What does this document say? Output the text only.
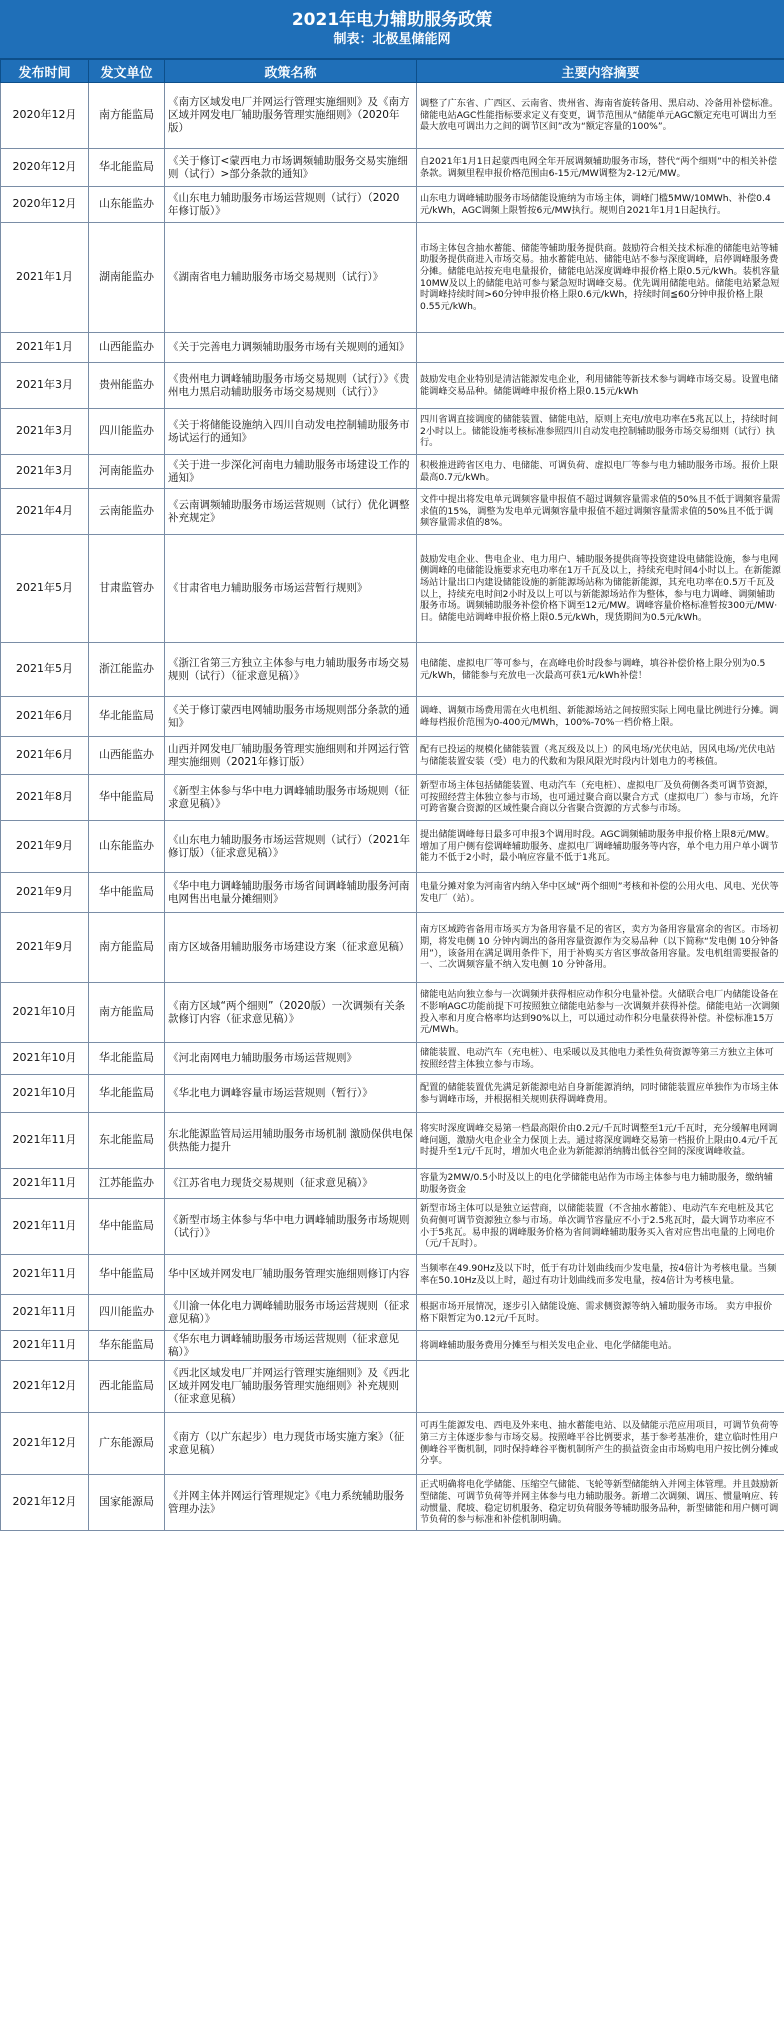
2021年电力辅助服务政策
制表：北极星储能网
发布时间	发文单位	政策名称	主要内容摘要
2020年12月	南方能监局	《南方区域发电厂并网运行管理实施细则》及《南方区域并网发电厂辅助服务管理实施细则》（2020年版）	调整了广东省、广西区、云南省、贵州省、海南省旋转备用、黑启动、冷备用补偿标准。储能电站AGC性能指标要求定义有变更，调节范围从“储能单元AGC额定充电可调出力至最大放电可调出力之间的调节区间”改为“额定容量的100%”。
2020年12月	华北能监局	《关于修订<蒙西电力市场调频辅助服务交易实施细则（试行）>部分条款的通知》	自2021年1月1日起蒙西电网全年开展调频辅助服务市场，替代“两个细则”中的相关补偿条款。调频里程申报价格范围由6-15元/MW调整为2-12元/MW。
2020年12月	山东能监办	《山东电力辅助服务市场运营规则（试行）（2020 年修订版）》	山东电力调峰辅助服务市场储能设施纳为市场主体，调峰门槛5MW/10MWh、补偿0.4元/kWh，AGC调频上限暂按6元/MW执行。规则自2021年1月1日起执行。
2021年1月	湖南能监办	《湖南省电力辅助服务市场交易规则（试行）》	市场主体包含抽水蓄能、储能等辅助服务提供商。鼓励符合相关技术标准的储能电站等辅助服务提供商进入市场交易。抽水蓄能电站、储能电站不参与深度调峰，启停调峰服务费分摊。储能电站按充电电量报价，储能电站深度调峰申报价格上限0.5元/kWh。装机容量10MW及以上的储能电站可参与紧急短时调峰交易。优先调用储能电站。储能电站紧急短时调峰持续时间>60分钟申报价格上限0.6元/kWh，持续时间≦60分钟申报价格上限0.55元/kWh。
2021年1月	山西能监办	《关于完善电力调频辅助服务市场有关规则的通知》	
2021年3月	贵州能监办	《贵州电力调峰辅助服务市场交易规则（试行）》《贵州电力黑启动辅助服务市场交易规则（试行）》	鼓励发电企业特别是清洁能源发电企业，利用储能等新技术参与调峰市场交易。设置电储能调峰交易品种。储能调峰申报价格上限0.15元/kWh
2021年3月	四川能监办	《关于将储能设施纳入四川自动发电控制辅助服务市场试运行的通知》	四川省调直接调度的储能装置、储能电站，原则上充电/放电功率在5兆瓦以上，持续时间2小时以上。储能设施考核标准参照四川自动发电控制辅助服务市场交易细则（试行）执行。
2021年3月	河南能监办	《关于进一步深化河南电力辅助服务市场建设工作的通知》	积极推进跨省区电力、电储能、可调负荷、虚拟电厂等参与电力辅助服务市场。报价上限最高0.7元/kWh。
2021年4月	云南能监办	《云南调频辅助服务市场运营规则（试行）优化调整补充规定》	文件中提出将发电单元调频容量申报值不超过调频容量需求值的50%且不低于调频容量需求值的15%，调整为发电单元调频容量申报值不超过调频容量需求值的50%且不低于调频容量需求值的8%。
2021年5月	甘肃监管办	《甘肃省电力辅助服务市场运营暂行规则》	鼓励发电企业、售电企业、电力用户、辅助服务提供商等投资建设电储能设施，参与电网侧调峰的电储能设施要求充电功率在1万千瓦及以上，持续充电时间4小时以上。在新能源场站计量出口内建设储能设施的新能源场站称为储能新能源，其充电功率在0.5万千瓦及以上，持续充电时间2小时及以上可以与新能源场站作为整体，参与电力调峰、调频辅助服务市场。调频辅助服务补偿价格下调至12元/MW。调峰容量价格标准暂按300元/MW·日。储能电站调峰申报价格上限0.5元/kWh，现货期间为0.5元/kWh。
2021年5月	浙江能监办	《浙江省第三方独立主体参与电力辅助服务市场交易规则（试行）（征求意见稿）》	电储能、虚拟电厂等可参与，在高峰电价时段参与调峰，填谷补偿价格上限分别为0.5元/kWh，储能参与充放电一次最高可获1元/kWh补偿！
2021年6月	华北能监局	《关于修订蒙西电网辅助服务市场规则部分条款的通知》	调峰、调频市场费用需在火电机组、新能源场站之间按照实际上网电量比例进行分摊。调峰每档报价范围为0-400元/MWh，100%-70%一档价格上限。
2021年6月	山西能监办	山西并网发电厂辅助服务管理实施细则和并网运行管理实施细则（2021年修订版）	配有已投运的规模化储能装置（兆瓦级及以上）的风电场/光伏电站，因风电场/光伏电站与储能装置安装（受）电力的代数和为限风限光时段内计划电力的考核值。
2021年8月	华中能监局	《新型主体参与华中电力调峰辅助服务市场规则（征求意见稿）》	新型市场主体包括储能装置、电动汽车（充电桩）、虚拟电厂及负荷侧各类可调节资源，可按照经营主体独立参与市场，也可通过聚合商以聚合方式（虚拟电厂）参与市场，允许可跨省聚合资源的区域性聚合商以分省聚合资源的方式参与市场。
2021年9月	山东能监办	《山东电力辅助服务市场运营规则（试行）（2021年修订版）（征求意见稿）》	提出储能调峰每日最多可申报3个调用时段。AGC调频辅助服务申报价格上限8元/MW。增加了用户侧有偿调峰辅助服务、虚拟电厂调峰辅助服务等内容，单个电力用户单小调节能力不低于2小时，最小响应容量不低于1兆瓦。
2021年9月	华中能监局	《华中电力调峰辅助服务市场省间调峰辅助服务河南电网售出电量分摊细则》	电量分摊对象为河南省内纳入华中区域“两个细则”考核和补偿的公用火电、风电、光伏等发电厂（站）。
2021年9月	南方能监局	南方区域备用辅助服务市场建设方案（征求意见稿）	南方区域跨省备用市场买方为备用容量不足的省区，卖方为备用容量富余的省区。市场初期，将发电侧 10 分钟内调出的备用容量资源作为交易品种（以下简称“发电侧 10分钟备用”），该备用在满足调用条件下，用于补购买方省区事故备用容量。发电机组需要报备的一、二次调频容量不纳入发电侧 10 分钟备用。
2021年10月	南方能监局	《南方区域“两个细则”（2020版）一次调频有关条款修订内容（征求意见稿）》	储能电站向独立参与一次调频并获得相应动作积分电量补偿。火储联合电厂内储能设备在不影响AGC功能前提下可按照独立储能电站参与一次调频并获得补偿。储能电站一次调频投入率和月度合格率均达到90%以上，可以通过动作积分电量获得补偿。补偿标准15万元/MWh。
2021年10月	华北能监局	《河北南网电力辅助服务市场运营规则》	储能装置、电动汽车（充电桩）、电采暖以及其他电力柔性负荷资源等第三方独立主体可按照经营主体独立参与市场。
2021年10月	华北能监局	《华北电力调峰容量市场运营规则（暂行）》	配置的储能装置优先满足新能源电站自身新能源消纳，同时储能装置应单独作为市场主体参与调峰市场，并根据相关规则获得调峰费用。
2021年11月	东北能监局	东北能源监管局运用辅助服务市场机制 激励保供电保供热能力提升	将实时深度调峰交易第一档最高限价由0.2元/千瓦时调整至1元/千瓦时，充分缓解电网调峰问题，激励火电企业全力保顶上去。通过将深度调峰交易第一档报价上限由0.4元/千瓦时提升至1元/千瓦时，增加火电企业为新能源消纳腾出低谷空间的深度调峰收益。
2021年11月	江苏能监办	《江苏省电力现货交易规则（征求意见稿）》	容量为2MW/0.5小时及以上的电化学储能电站作为市场主体参与电力辅助服务，缴纳辅助服务资金
2021年11月	华中能监局	《新型市场主体参与华中电力调峰辅助服务市场规则（试行）》	新型市场主体可以是独立运营商，以储能装置（不含抽水蓄能）、电动汽车充电桩及其它负荷侧可调节资源独立参与市场。单次调节容量应不小于2.5兆瓦时，最大调节功率应不小于5兆瓦。易申报的调峰服务价格为省间调峰辅助服务买入省对应售出电量的上网电价（元/千瓦时）。
2021年11月	华中能监局	华中区域并网发电厂辅助服务管理实施细则修订内容	当频率在49.90Hz及以下时，低于有功计划曲线而少发电量，按4倍计为考核电量。当频率在50.10Hz及以上时，超过有功计划曲线而多发电量，按4倍计为考核电量。
2021年11月	四川能监办	《川渝一体化电力调峰辅助服务市场运营规则（征求意见稿）》	根据市场开展情况，逐步引入储能设施、需求侧资源等纳入辅助服务市场。 卖方申报价格下限暂定为0.12元/千瓦时。
2021年11月	华东能监局	《华东电力调峰辅助服务市场运营规则（征求意见稿）》	将调峰辅助服务费用分摊至与相关发电企业、电化学储能电站。
2021年12月	西北能监局	《西北区域发电厂并网运行管理实施细则》及《西北区域并网发电厂辅助服务管理实施细则》补充规则（征求意见稿）	
2021年12月	广东能源局	《南方（以广东起步）电力现货市场实施方案》（征求意见稿）	可再生能源发电、西电及外来电、抽水蓄能电站、以及储能示范应用项目，可调节负荷等第三方主体逐步参与市场交易。按照峰平谷比例要求，基于参考基准价，建立临时性用户侧峰谷平衡机制，同时保持峰谷平衡机制所产生的损益资金由市场购电用户按比例分摊或分享。
2021年12月	国家能源局	《并网主体并网运行管理规定》《电力系统辅助服务管理办法》	正式明确将电化学储能、压缩空气储能、飞轮等新型储能纳入并网主体管理。并且鼓励新型储能、可调节负荷等并网主体参与电力辅助服务。新增二次调频、调压、惯量响应、转动惯量、爬坡、稳定切机服务、稳定切负荷服务等辅助服务品种，新型储能和用户侧可调节负荷的参与标准和补偿机制明确。
